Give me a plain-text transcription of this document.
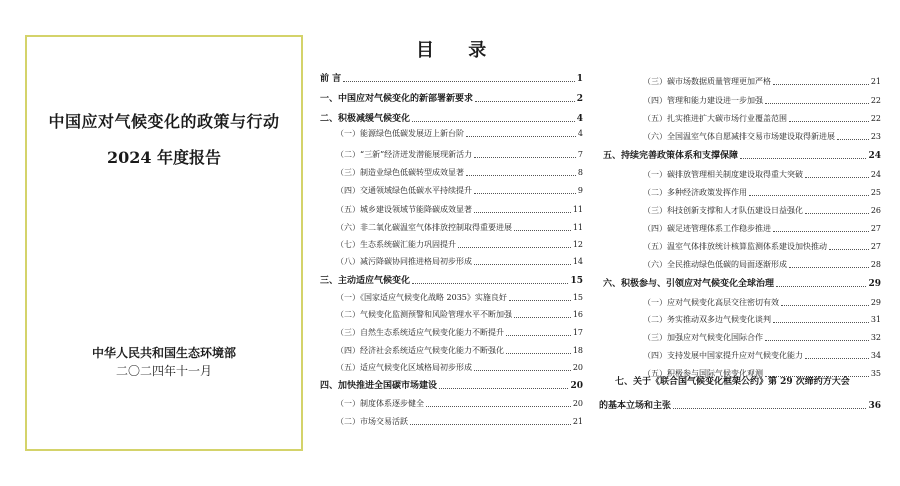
中国应对气候变化的政策与行动
2024 年度报告
中华人民共和国生态环境部
二〇二四年十一月
目 录
前 言	1
一、中国应对气候变化的新部署新要求	2
二、积极减缓气候变化	4
（一）能源绿色低碳发展迈上新台阶	4
（二）“三新”经济迸发潜能展现新活力	7
（三）制造业绿色低碳转型成效显著	8
（四）交通领域绿色低碳水平持续提升	9
（五）城乡建设领域节能降碳成效显著	11
（六）非二氧化碳温室气体排放控制取得重要进展	11
（七）生态系统碳汇能力巩固提升	12
（八）减污降碳协同推进格局初步形成	14
三、主动适应气候变化	15
（一）《国家适应气候变化战略 2035》实施良好	15
（二）气候变化监测预警和风险管理水平不断加强	16
（三）自然生态系统适应气候变化能力不断提升	17
（四）经济社会系统适应气候变化能力不断强化	18
（五）适应气候变化区域格局初步形成	20
四、加快推进全国碳市场建设	20
（一）制度体系逐步健全	20
（二）市场交易活跃	21
（三）碳市场数据质量管理更加严格	21
（四）管理和能力建设进一步加强	22
（五）扎实推进扩大碳市场行业覆盖范围	22
（六）全国温室气体自愿减排交易市场建设取得新进展	23
五、持续完善政策体系和支撑保障	24
（一）碳排放管理相关制度建设取得重大突破	24
（二）多种经济政策发挥作用	25
（三）科技创新支撑和人才队伍建设日益强化	26
（四）碳足迹管理体系工作稳步推进	27
（五）温室气体排放统计核算监测体系建设加快推动	27
（六）全民推动绿色低碳的局面逐渐形成	28
六、积极参与、引领应对气候变化全球治理	29
（一）应对气候变化高层交往密切有效	29
（二）务实推动双多边气候变化谈判	31
（三）加强应对气候变化国际合作	32
（四）支持发展中国家提升应对气候变化能力	34
（五）积极参与国际气候变化观测	35
七、关于《联合国气候变化框架公约》第 29 次缔约方大会
的基本立场和主张	36
